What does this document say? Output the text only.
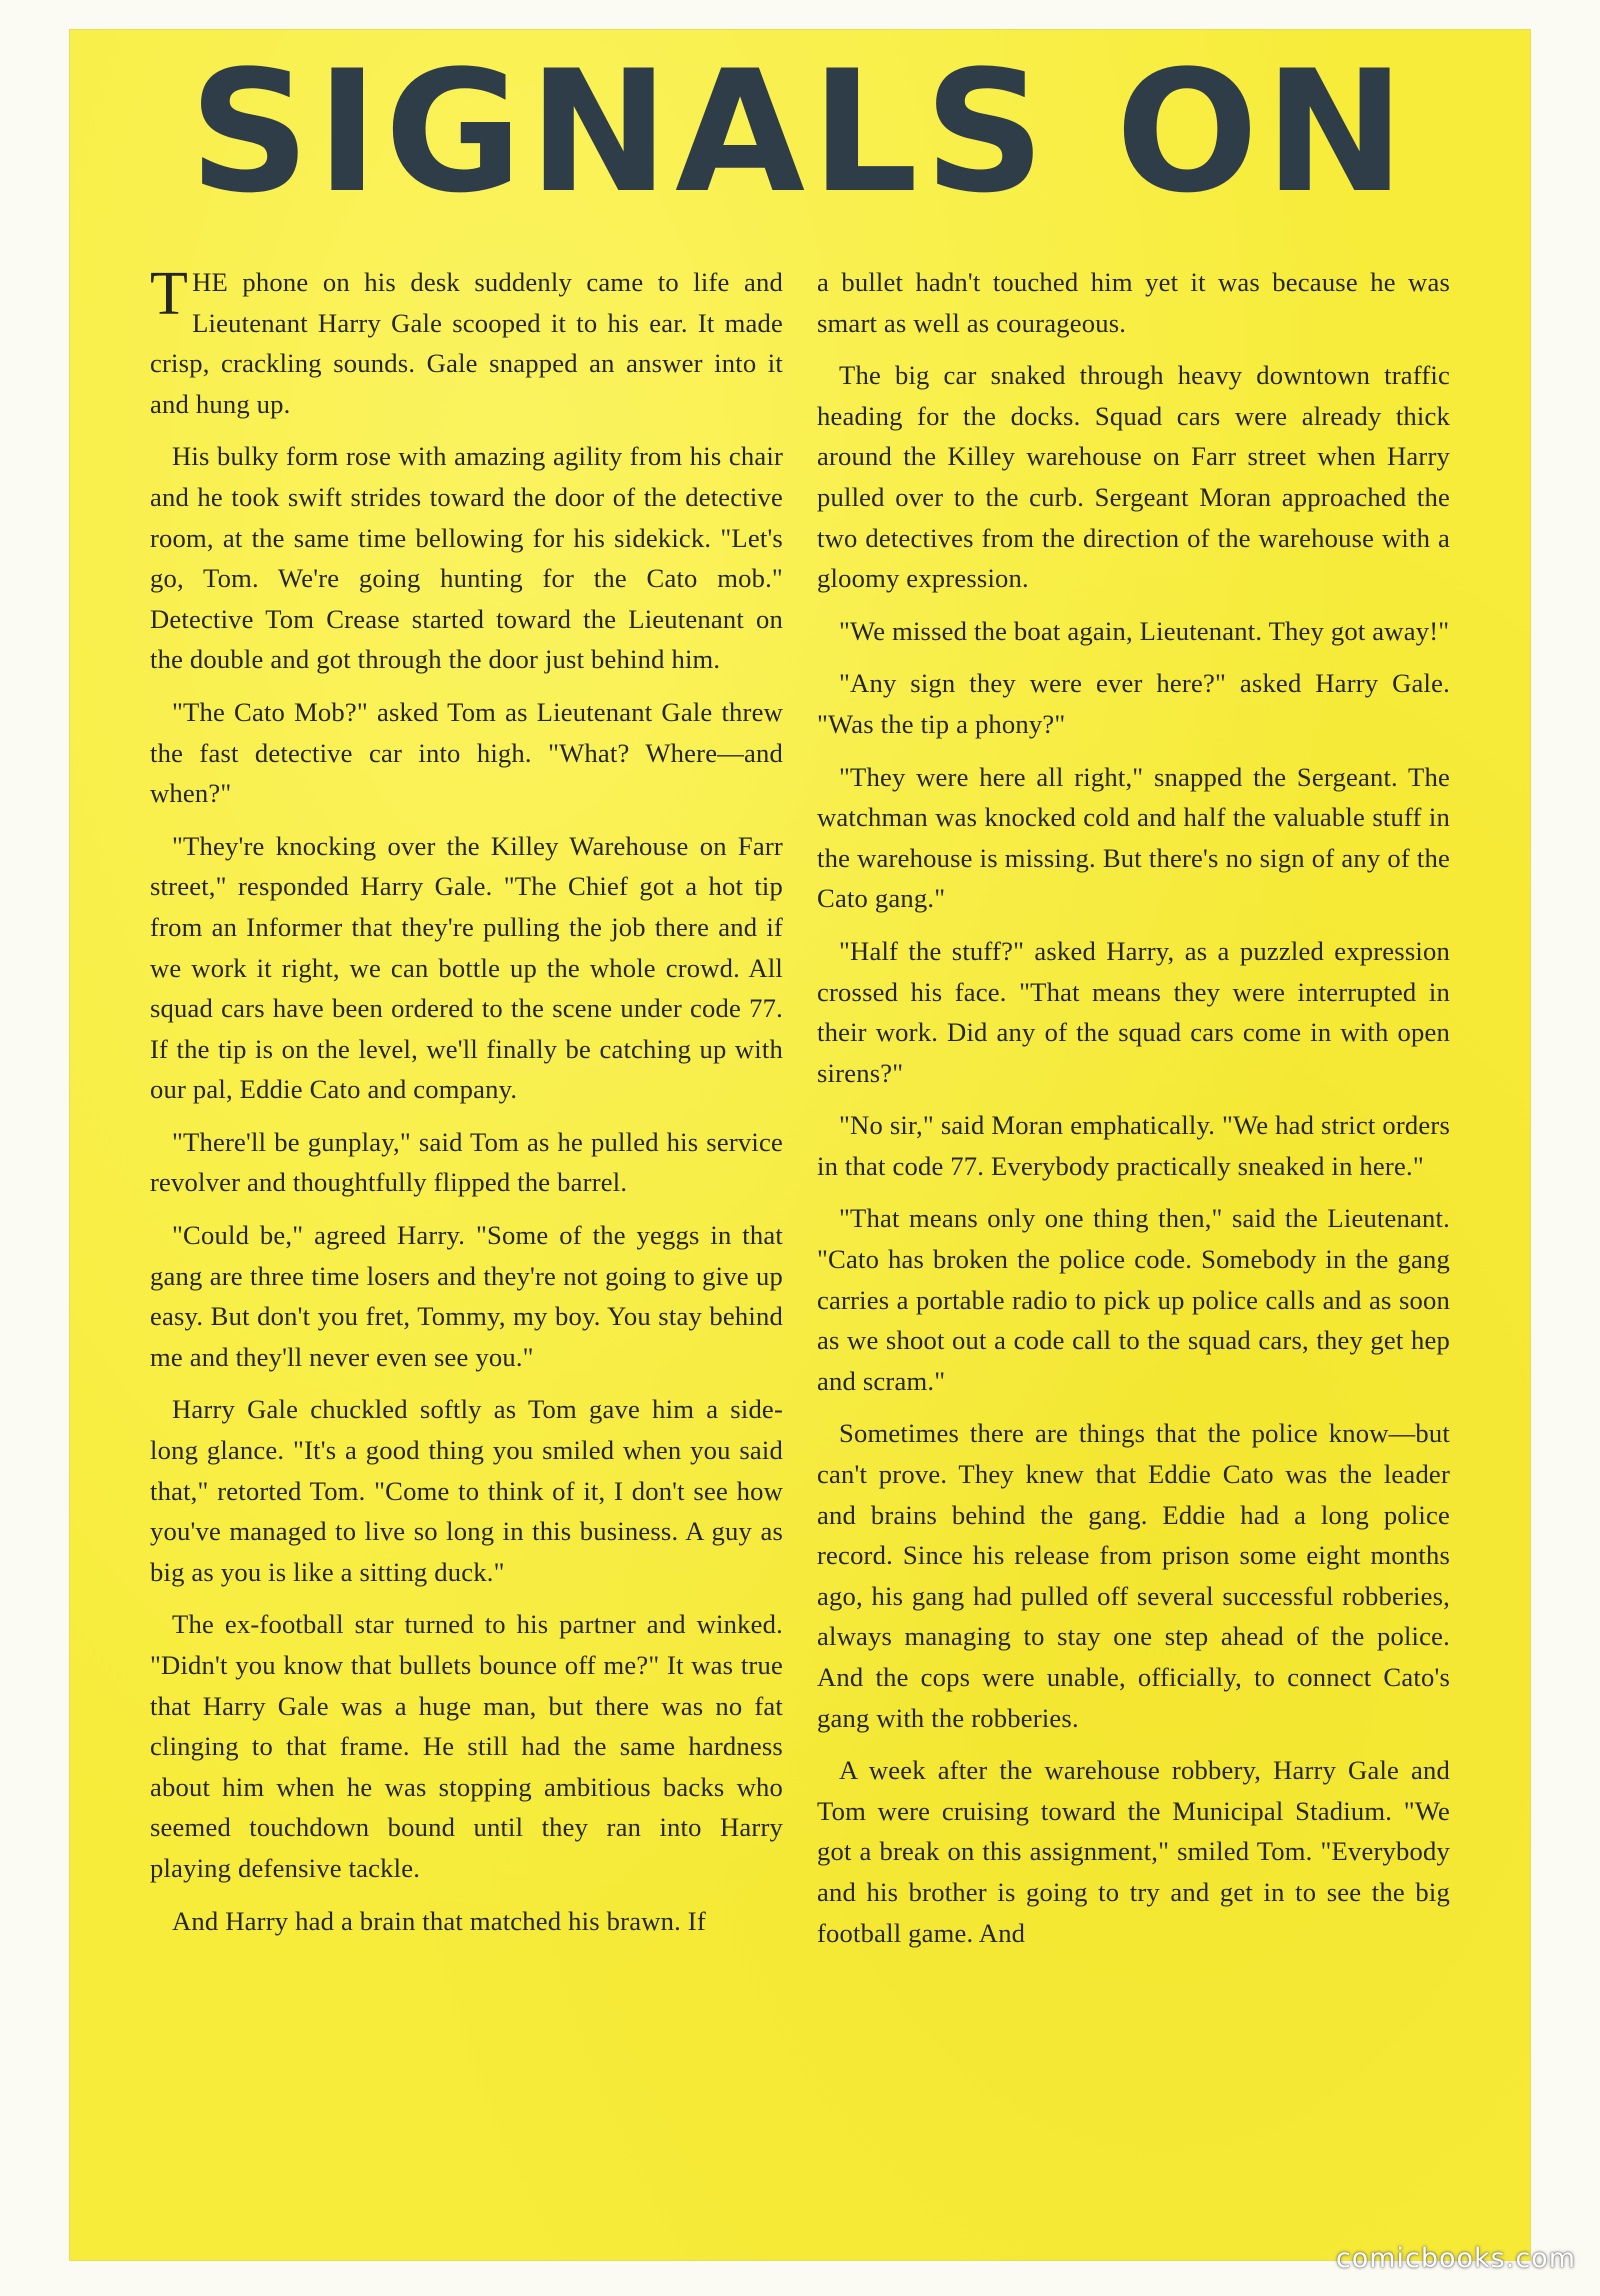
SIGNALS ON

THE phone on his desk suddenly came to life and Lieutenant Harry Gale scooped it to his ear. It made crisp, crackling sounds. Gale snapped an answer into it and hung up.

His bulky form rose with amazing agility from his chair and he took swift strides toward the door of the detective room, at the same time bellowing for his sidekick. "Let's go, Tom. We're going hunting for the Cato mob." Detective Tom Crease started toward the Lieutenant on the double and got through the door just behind him.

"The Cato Mob?" asked Tom as Lieutenant Gale threw the fast detective car into high. "What? Where—and when?"

"They're knocking over the Killey Warehouse on Farr street," responded Harry Gale. "The Chief got a hot tip from an Informer that they're pulling the job there and if we work it right, we can bottle up the whole crowd. All squad cars have been ordered to the scene under code 77. If the tip is on the level, we'll finally be catching up with our pal, Eddie Cato and company.

"There'll be gunplay," said Tom as he pulled his service revolver and thoughtfully flipped the barrel.

"Could be," agreed Harry. "Some of the yeggs in that gang are three time losers and they're not going to give up easy. But don't you fret, Tommy, my boy. You stay behind me and they'll never even see you."

Harry Gale chuckled softly as Tom gave him a side-long glance. "It's a good thing you smiled when you said that," retorted Tom. "Come to think of it, I don't see how you've managed to live so long in this business. A guy as big as you is like a sitting duck."

The ex-football star turned to his partner and winked. "Didn't you know that bullets bounce off me?" It was true that Harry Gale was a huge man, but there was no fat clinging to that frame. He still had the same hardness about him when he was stopping ambitious backs who seemed touchdown bound until they ran into Harry playing defensive tackle.

And Harry had a brain that matched his brawn. If

a bullet hadn't touched him yet it was because he was smart as well as courageous.

The big car snaked through heavy downtown traffic heading for the docks. Squad cars were already thick around the Killey warehouse on Farr street when Harry pulled over to the curb. Sergeant Moran approached the two detectives from the direction of the warehouse with a gloomy expression.

"We missed the boat again, Lieutenant. They got away!"

"Any sign they were ever here?" asked Harry Gale. "Was the tip a phony?"

"They were here all right," snapped the Sergeant. The watchman was knocked cold and half the valuable stuff in the warehouse is missing. But there's no sign of any of the Cato gang."

"Half the stuff?" asked Harry, as a puzzled expression crossed his face. "That means they were interrupted in their work. Did any of the squad cars come in with open sirens?"

"No sir," said Moran emphatically. "We had strict orders in that code 77. Everybody practically sneaked in here."

"That means only one thing then," said the Lieutenant. "Cato has broken the police code. Somebody in the gang carries a portable radio to pick up police calls and as soon as we shoot out a code call to the squad cars, they get hep and scram."

Sometimes there are things that the police know—but can't prove. They knew that Eddie Cato was the leader and brains behind the gang. Eddie had a long police record. Since his release from prison some eight months ago, his gang had pulled off several successful robberies, always managing to stay one step ahead of the police. And the cops were unable, officially, to connect Cato's gang with the robberies.

A week after the warehouse robbery, Harry Gale and Tom were cruising toward the Municipal Stadium. "We got a break on this assignment," smiled Tom. "Everybody and his brother is going to try and get in to see the big football game. And

comicbooks.com
